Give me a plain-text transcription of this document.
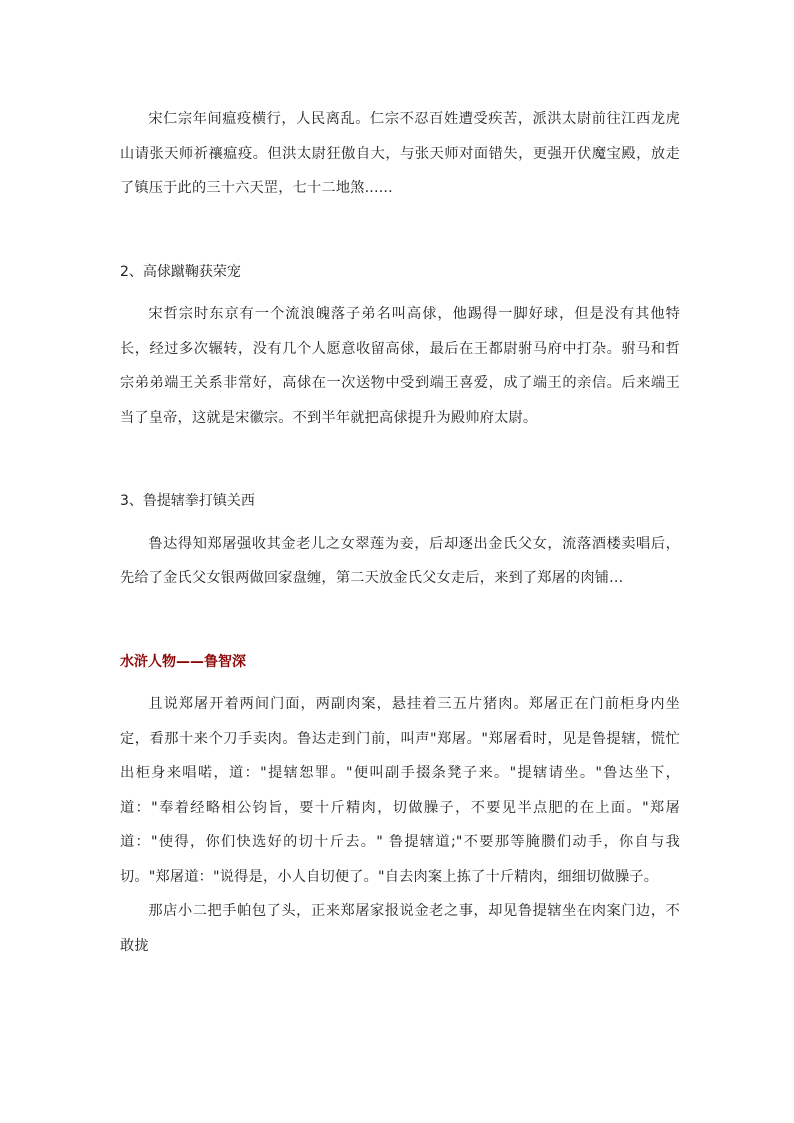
宋仁宗年间瘟疫横行，人民离乱。仁宗不忍百姓遭受疾苦，派洪太尉前往江西龙虎山请张天师祈禳瘟疫。但洪太尉狂傲自大，与张天师对面错失，更强开伏魔宝殿，放走了镇压于此的三十六天罡，七十二地煞......

2、高俅蹴鞠获荣宠

宋哲宗时东京有一个流浪魄落子弟名叫高俅，他踢得一脚好球，但是没有其他特长，经过多次辗转，没有几个人愿意收留高俅，最后在王都尉驸马府中打杂。驸马和哲宗弟弟端王关系非常好，高俅在一次送物中受到端王喜爱，成了端王的亲信。后来端王当了皇帝，这就是宋徽宗。不到半年就把高俅提升为殿帅府太尉。

3、鲁提辖拳打镇关西

鲁达得知郑屠强收其金老儿之女翠莲为妾，后却逐出金氏父女，流落酒楼卖唱后，先给了金氏父女银两做回家盘缠，第二天放金氏父女走后，来到了郑屠的肉铺...

水浒人物——鲁智深

且说郑屠开着两间门面，两副肉案，悬挂着三五片猪肉。郑屠正在门前柜身内坐定，看那十来个刀手卖肉。鲁达走到门前，叫声"郑屠。"郑屠看时，见是鲁提辖，慌忙出柜身来唱喏，道："提辖恕罪。"便叫副手掇条凳子来。"提辖请坐。"鲁达坐下，道："奉着经略相公钧旨，要十斤精肉，切做臊子，不要见半点肥的在上面。"郑屠道："使得，你们快选好的切十斤去。" 鲁提辖道;"不要那等腌臜们动手，你自与我切。"郑屠道："说得是，小人自切便了。"自去肉案上拣了十斤精肉，细细切做臊子。

那店小二把手帕包了头，正来郑屠家报说金老之事，却见鲁提辖坐在肉案门边，不敢拢
